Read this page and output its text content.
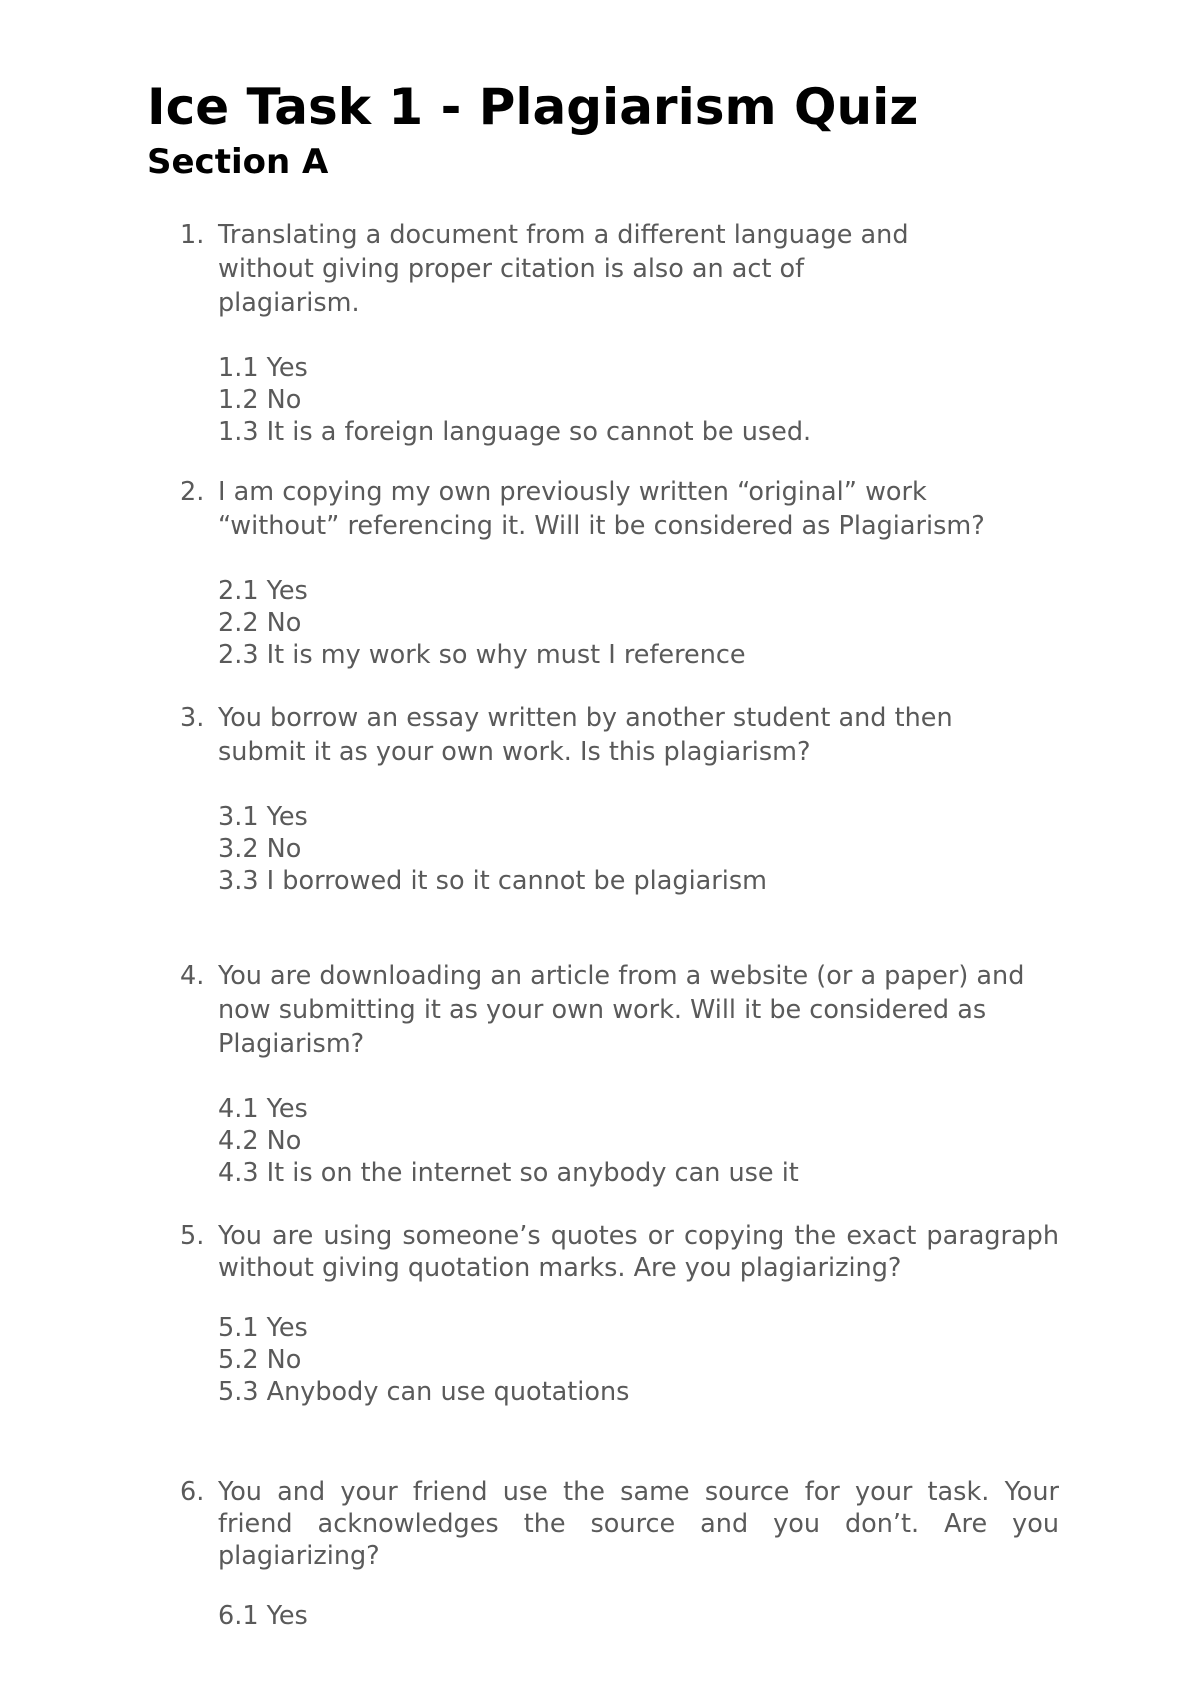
Ice Task 1 - Plagiarism Quiz
Section A
1. Translating a document from a different language and without giving proper citation is also an act of plagiarism.
1.1 Yes
1.2 No
1.3 It is a foreign language so cannot be used.
2. I am copying my own previously written “original” work “without” referencing it. Will it be considered as Plagiarism?
2.1 Yes
2.2 No
2.3 It is my work so why must I reference
3. You borrow an essay written by another student and then submit it as your own work. Is this plagiarism?
3.1 Yes
3.2 No
3.3 I borrowed it so it cannot be plagiarism
4. You are downloading an article from a website (or a paper) and now submitting it as your own work. Will it be considered as Plagiarism?
4.1 Yes
4.2 No
4.3 It is on the internet so anybody can use it
5. You are using someone’s quotes or copying the exact paragraph without giving quotation marks. Are you plagiarizing?
5.1 Yes
5.2 No
5.3 Anybody can use quotations
6. You and your friend use the same source for your task. Your friend acknowledges the source and you don’t. Are you plagiarizing?
6.1 Yes
